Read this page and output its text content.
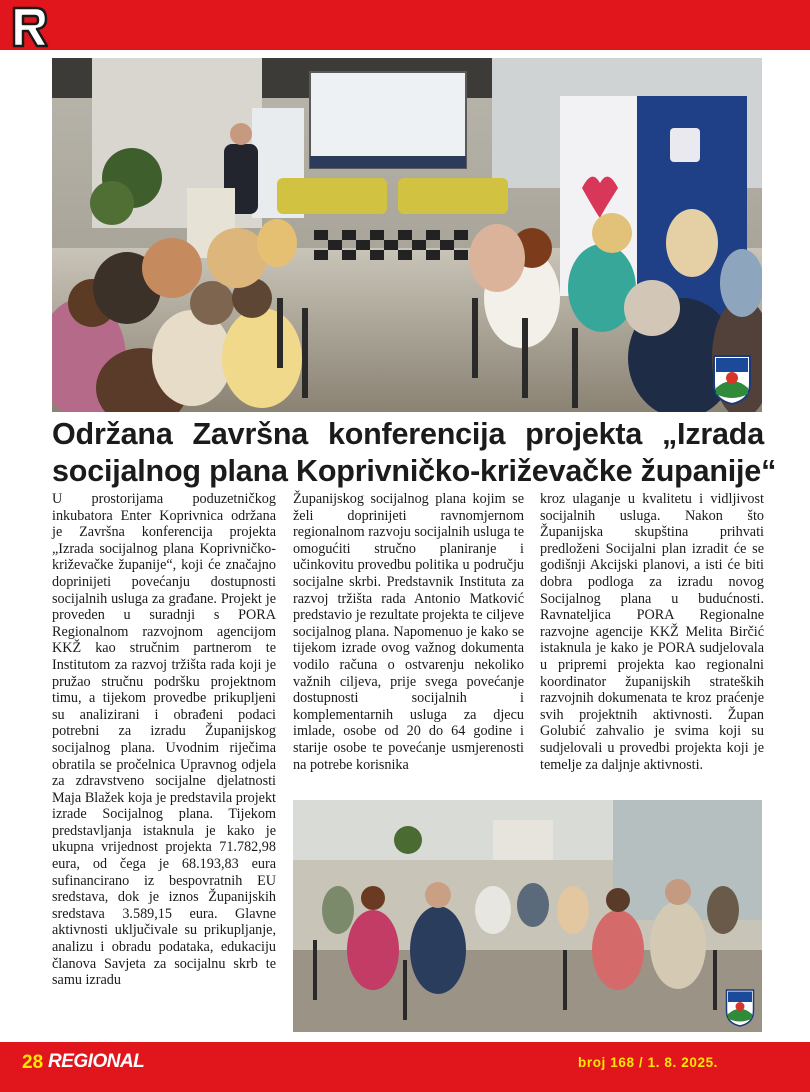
Održana Završna konferencija projekta „Izrada
socijalnog plana Koprivničko-križevačke županije“

U prostorijama poduzetničkog inkubatora Enter Koprivnica održana je Završna konferencija projekta „Izrada socijalnog plana Koprivničko- križevačke županije“, koji će značajno doprinijeti povećanju dostupnosti socijalnih usluga za građane. Projekt je proveden u suradnji s PORA Regionalnom razvojnom agencijom KKŽ kao stručnim partnerom te Institutom za razvoj tržišta rada koji je pružao stručnu podršku projektnom timu, a tijekom provedbe prikupljeni su analizirani i obrađeni podaci potrebni za izradu Županijskog socijalnog plana. Uvodnim riječima obratila se pročelnica Upravnog odjela za zdravstveno socijalne djelatnosti Maja Blažek koja je predstavila projekt izrade Socijalnog plana. Tijekom predstavljanja istaknula je kako je ukupna vrijednost projekta 71.782,98 eura, od čega je 68.193,83 eura sufinancirano iz bespovratnih EU sredstava, dok je iznos Županijskih sredstava 3.589,15 eura. Glavne aktivnosti uključivale su prikupljanje, analizu i obradu podataka, edukaciju članova Savjeta za socijalnu skrb te samu izradu

Županijskog socijalnog plana kojim se želi doprinijeti ravnomjernom regionalnom razvoju socijalnih usluga te omogućiti stručno planiranje i učinkovitu provedbu politika u području socijalne skrbi. Predstavnik Instituta za razvoj tržišta rada Antonio Matković predstavio je rezultate projekta te ciljeve socijalnog plana. Napomenuo je kako se tijekom izrade ovog važnog dokumenta vodilo računa o ostvarenju nekoliko važnih ciljeva, prije svega povećanje dostupnosti socijalnih i komplementarnih usluga za djecu imlade, osobe od 20 do 64 godine i starije osobe te povećanje usmjerenosti na potrebe korisnika

kroz ulaganje u kvalitetu i vidljivost socijalnih usluga. Nakon što Županijska skupština prihvati predloženi Socijalni plan izradit će se godišnji Akcijski planovi, a isti će biti dobra podloga za izradu novog Socijalnog plana u budućnosti. Ravnateljica PORA Regionalne razvojne agencije KKŽ Melita Birčić istaknula je kako je PORA sudjelovala u pripremi projekta kao regionalni koordinator županijskih strateških razvojnih dokumenata te kroz praćenje svih projektnih aktivnosti. Župan Golubić zahvalio je svima koji su sudjelovali u provedbi projekta koji je temelje za daljnje aktivnosti.

28 REGIONAL	broj 168 / 1. 8. 2025.
